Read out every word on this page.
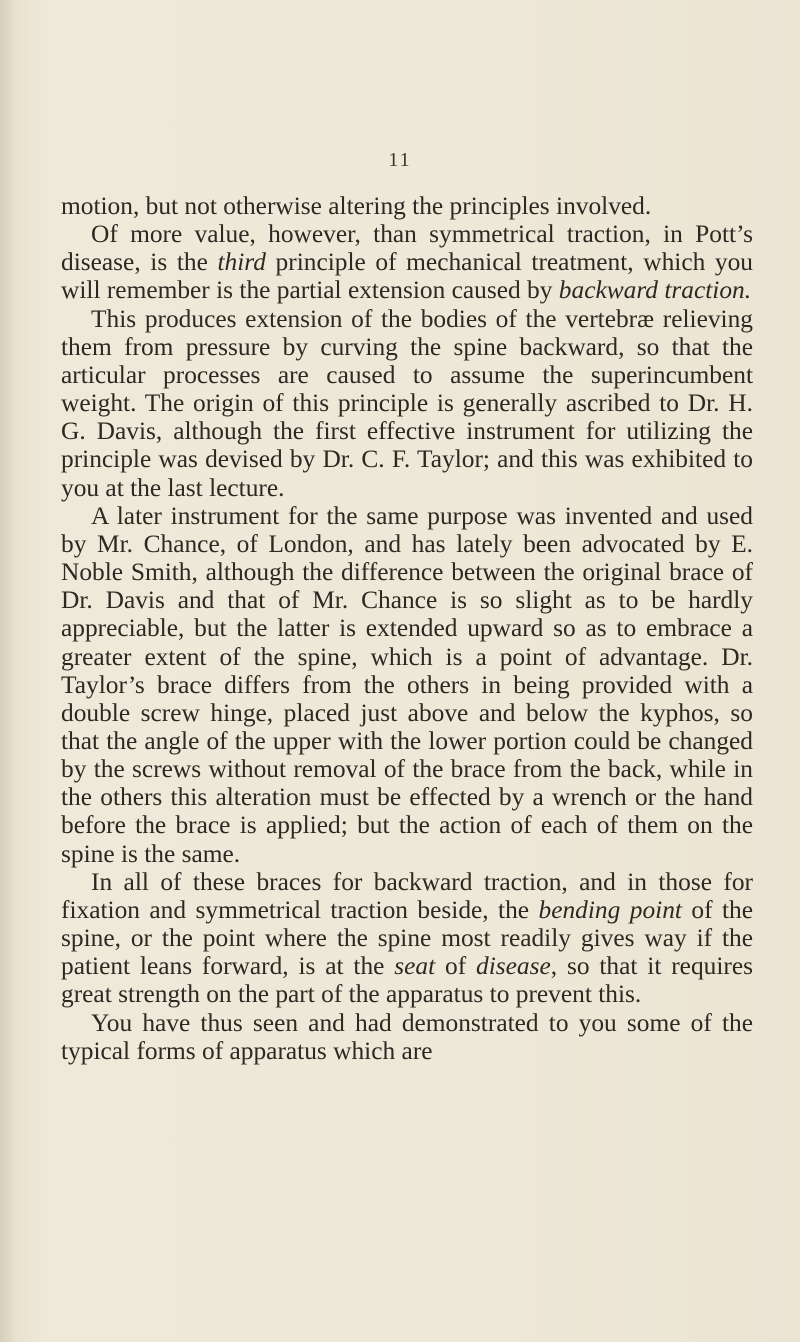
11

motion, but not otherwise altering the principles involved.

Of more value, however, than symmetrical traction, in Pott’s disease, is the third principle of mechanical treatment, which you will remember is the partial extension caused by backward traction.

This produces extension of the bodies of the vertebræ relieving them from pressure by curving the spine backward, so that the articular processes are caused to assume the superincumbent weight. The origin of this principle is generally ascribed to Dr. H. G. Davis, although the first effective instrument for utilizing the principle was devised by Dr. C. F. Taylor; and this was exhibited to you at the last lecture.

A later instrument for the same purpose was invented and used by Mr. Chance, of London, and has lately been advocated by E. Noble Smith, although the difference between the original brace of Dr. Davis and that of Mr. Chance is so slight as to be hardly appreciable, but the latter is extended upward so as to embrace a greater extent of the spine, which is a point of advantage. Dr. Taylor’s brace differs from the others in being provided with a double screw hinge, placed just above and below the kyphos, so that the angle of the upper with the lower portion could be changed by the screws without removal of the brace from the back, while in the others this alteration must be effected by a wrench or the hand before the brace is applied; but the action of each of them on the spine is the same.

In all of these braces for backward traction, and in those for fixation and symmetrical traction beside, the bending point of the spine, or the point where the spine most readily gives way if the patient leans forward, is at the seat of disease, so that it requires great strength on the part of the apparatus to prevent this.

You have thus seen and had demonstrated to you some of the typical forms of apparatus which are
